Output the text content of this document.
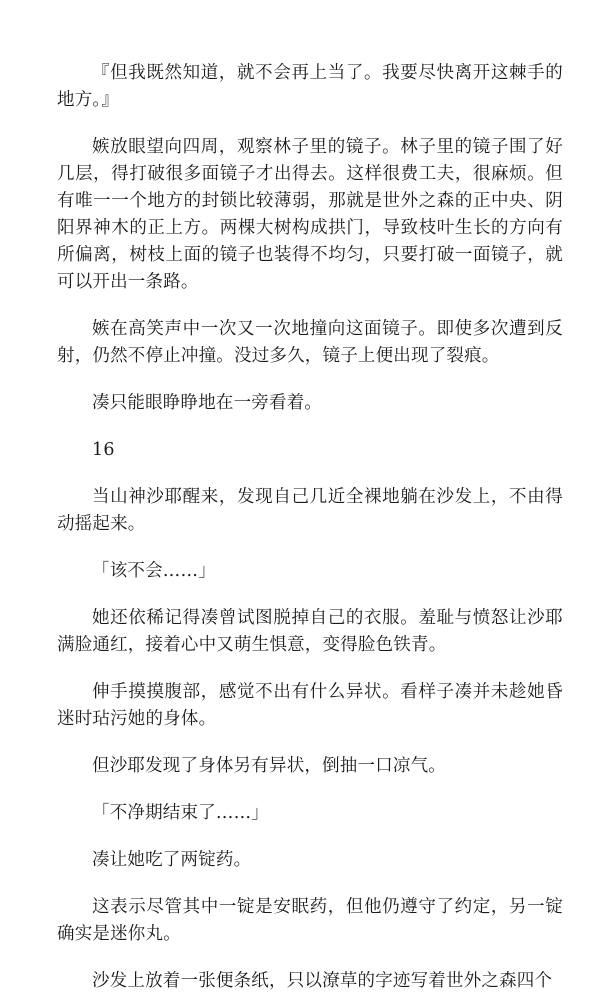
『但我既然知道，就不会再上当了。我要尽快离开这棘手的地方。』

嫉放眼望向四周，观察林子里的镜子。林子里的镜子围了好几层，得打破很多面镜子才出得去。这样很费工夫，很麻烦。但有唯一一个地方的封锁比较薄弱，那就是世外之森的正中央、阴阳界神木的正上方。两棵大树构成拱门，导致枝叶生长的方向有所偏离，树枝上面的镜子也装得不均匀，只要打破一面镜子，就可以开出一条路。

嫉在高笑声中一次又一次地撞向这面镜子。即使多次遭到反射，仍然不停止冲撞。没过多久，镜子上便出现了裂痕。

凑只能眼睁睁地在一旁看着。

16

当山神沙耶醒来，发现自己几近全裸地躺在沙发上，不由得动摇起来。

「该不会……」

她还依稀记得凑曾试图脱掉自己的衣服。羞耻与愤怒让沙耶满脸通红，接着心中又萌生惧意，变得脸色铁青。

伸手摸摸腹部，感觉不出有什么异状。看样子凑并未趁她昏迷时玷污她的身体。

但沙耶发现了身体另有异状，倒抽一口凉气。

「不净期结束了……」

凑让她吃了两锭药。

这表示尽管其中一锭是安眠药，但他仍遵守了约定，另一锭确实是迷你丸。

沙发上放着一张便条纸，只以潦草的字迹写着世外之森四个
